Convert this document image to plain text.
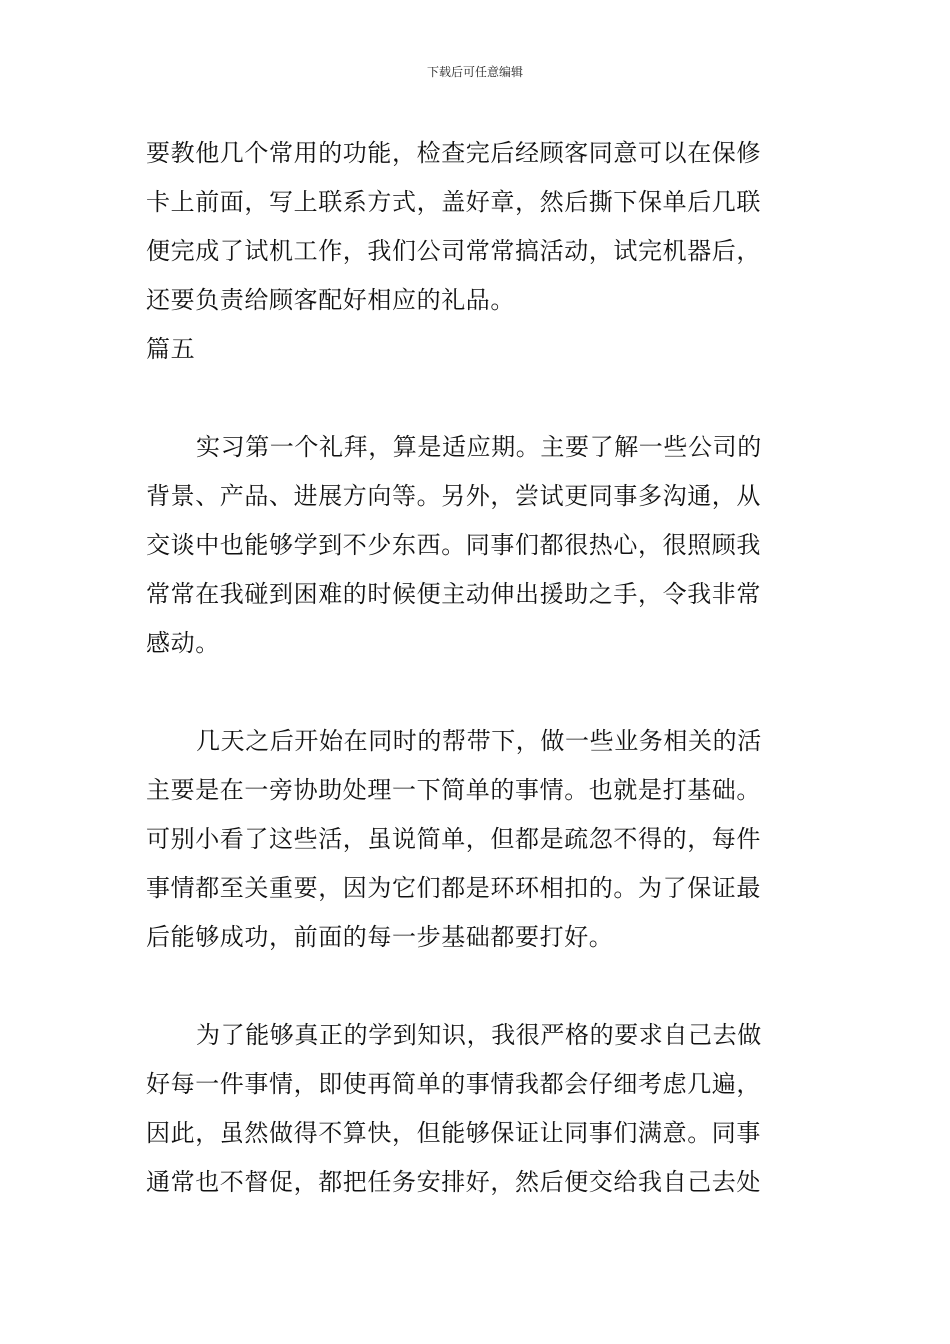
下载后可任意编辑
要教他几个常用的功能，检查完后经顾客同意可以在保修
卡上前面，写上联系方式，盖好章，然后撕下保单后几联
便完成了试机工作，我们公司常常搞活动，试完机器后，
还要负责给顾客配好相应的礼品。
篇五
实习第一个礼拜，算是适应期。主要了解一些公司的
背景、产品、进展方向等。另外，尝试更同事多沟通，从
交谈中也能够学到不少东西。同事们都很热心，很照顾我
常常在我碰到困难的时候便主动伸出援助之手，令我非常
感动。
几天之后开始在同时的帮带下，做一些业务相关的活
主要是在一旁协助处理一下简单的事情。也就是打基础。
可别小看了这些活，虽说简单，但都是疏忽不得的，每件
事情都至关重要，因为它们都是环环相扣的。为了保证最
后能够成功，前面的每一步基础都要打好。
为了能够真正的学到知识，我很严格的要求自己去做
好每一件事情，即使再简单的事情我都会仔细考虑几遍，
因此，虽然做得不算快，但能够保证让同事们满意。同事
通常也不督促，都把任务安排好，然后便交给我自己去处
